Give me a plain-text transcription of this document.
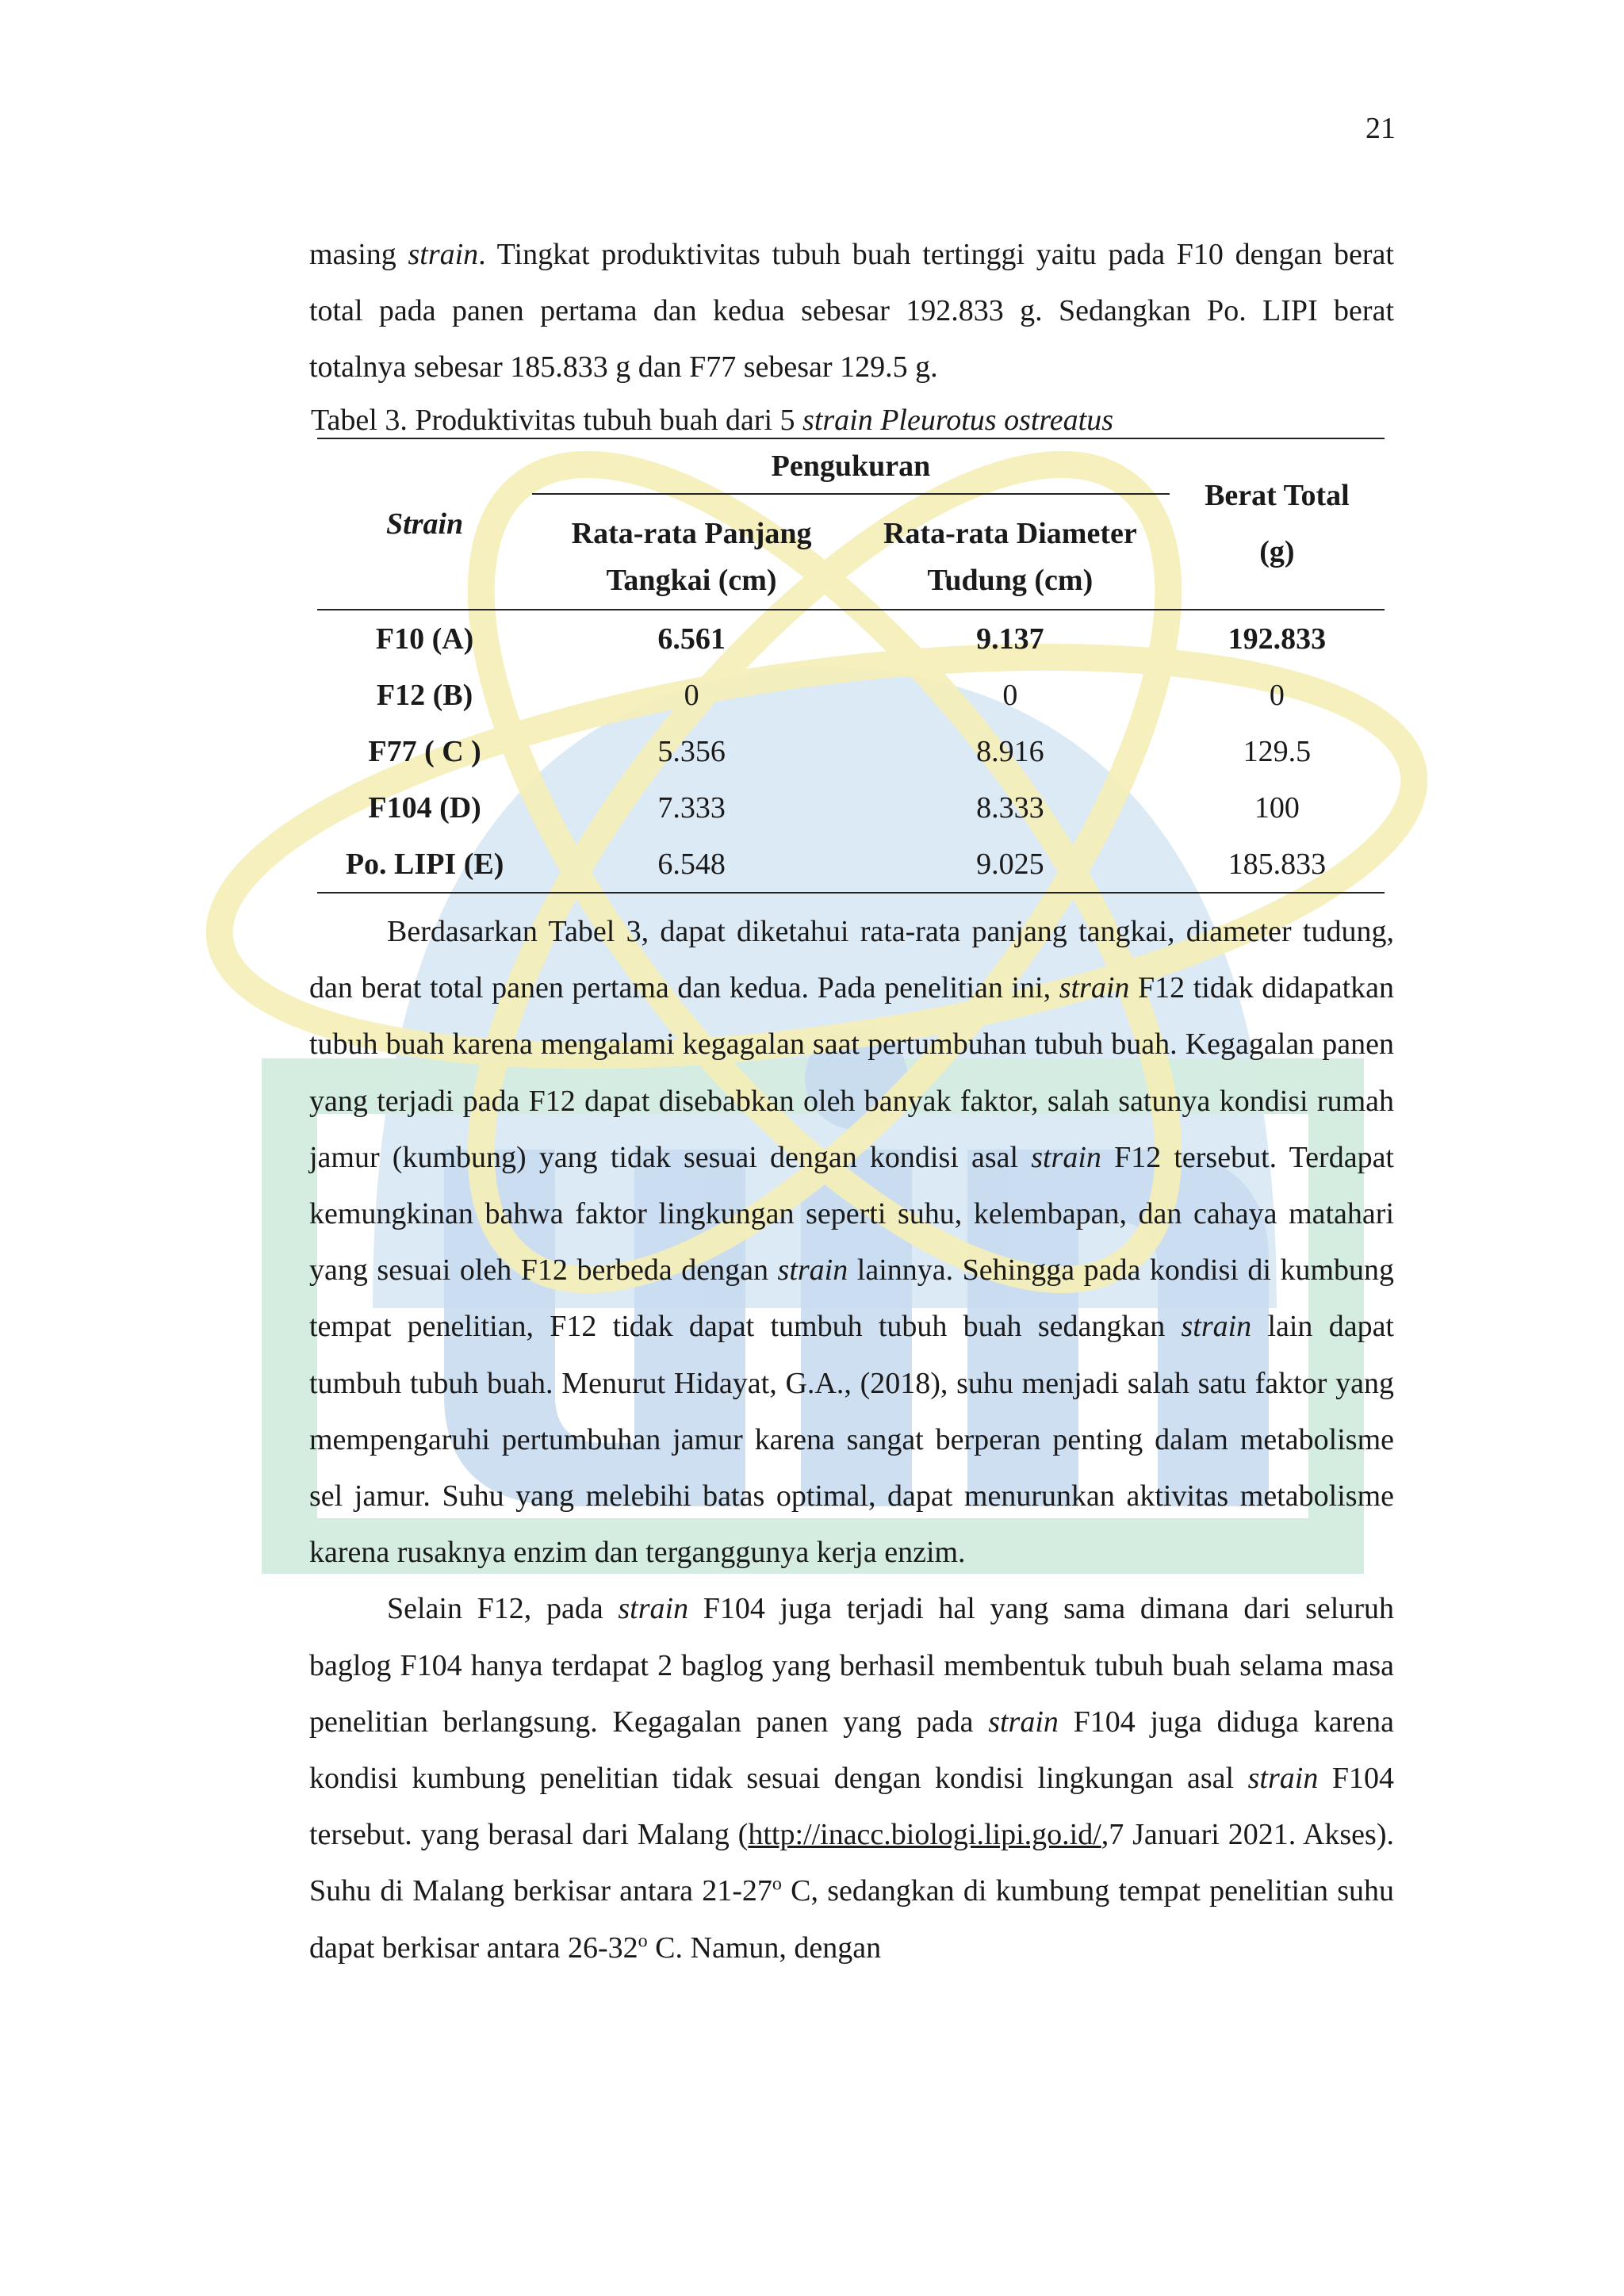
21

masing strain. Tingkat produktivitas tubuh buah tertinggi yaitu pada F10 dengan berat total pada panen pertama dan kedua sebesar 192.833 g. Sedangkan Po. LIPI berat totalnya sebesar 185.833 g dan F77 sebesar 129.5 g.

Tabel 3. Produktivitas tubuh buah dari 5 strain Pleurotus ostreatus
Strain	Pengukuran		Berat Total
(g)

	Rata-rata Panjang	Rata-rata Diameter	
	Tangkai (cm)	Tudung (cm)	

F10 (A)	6.561	9.137	192.833
F12 (B)	0	0	0
F77 ( C )	5.356	8.916	129.5
F104 (D)	7.333	8.333	100
Po. LIPI (E)	6.548	9.025	185.833

Berdasarkan Tabel 3, dapat diketahui rata-rata panjang tangkai, diameter tudung, dan berat total panen pertama dan kedua. Pada penelitian ini, strain F12 tidak didapatkan tubuh buah karena mengalami kegagalan saat pertumbuhan tubuh buah. Kegagalan panen yang terjadi pada F12 dapat disebabkan oleh banyak faktor, salah satunya kondisi rumah jamur (kumbung) yang tidak sesuai dengan kondisi asal strain F12 tersebut. Terdapat kemungkinan bahwa faktor lingkungan seperti suhu, kelembapan, dan cahaya matahari yang sesuai oleh F12 berbeda dengan strain lainnya. Sehingga pada kondisi di kumbung tempat penelitian, F12 tidak dapat tumbuh tubuh buah sedangkan strain lain dapat tumbuh tubuh buah. Menurut Hidayat, G.A., (2018), suhu menjadi salah satu faktor yang mempengaruhi pertumbuhan jamur karena sangat berperan penting dalam metabolisme sel jamur. Suhu yang melebihi batas optimal, dapat menurunkan aktivitas metabolisme karena rusaknya enzim dan terganggunya kerja enzim.

Selain F12, pada strain F104 juga terjadi hal yang sama dimana dari seluruh baglog F104 hanya terdapat 2 baglog yang berhasil membentuk tubuh buah selama masa penelitian berlangsung. Kegagalan panen yang pada strain F104 juga diduga karena kondisi kumbung penelitian tidak sesuai dengan kondisi lingkungan asal strain F104 tersebut. yang berasal dari Malang (http://inacc.biologi.lipi.go.id/,7 Januari 2021. Akses). Suhu di Malang berkisar antara 21-27$^o$ C, sedangkan di kumbung tempat penelitian suhu dapat berkisar antara 26-32$^o$ C. Namun, dengan
